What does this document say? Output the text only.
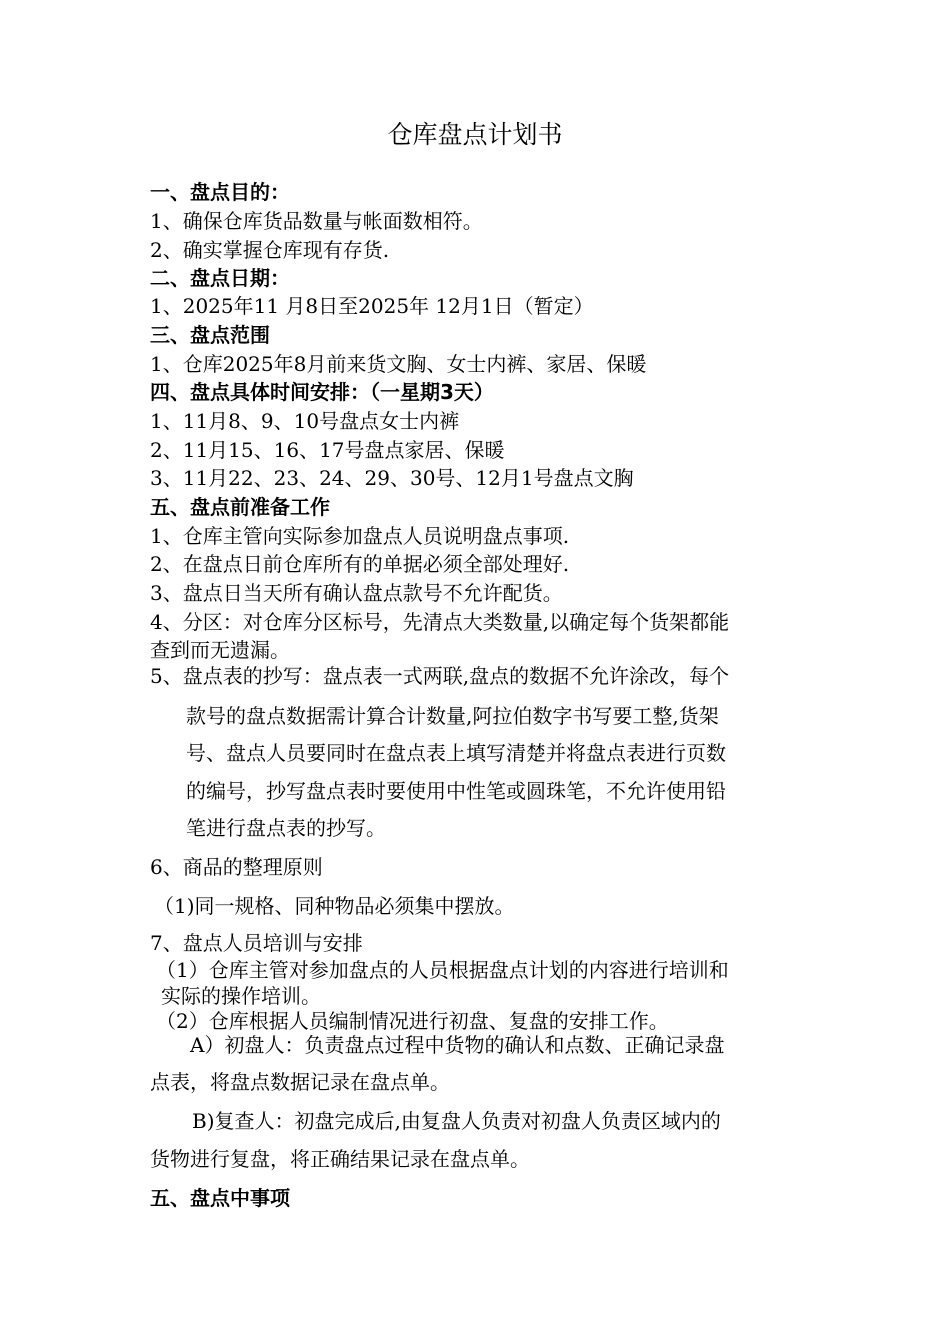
仓库盘点计划书
一、盘点目的：
1、确保仓库货品数量与帐面数相符。
2、确实掌握仓库现有存货.
二、盘点日期：
1、2025年11 月8日至2025年 12月1日（暂定）
三、盘点范围
1、仓库2025年8月前来货文胸、女士内裤、家居、保暖
四、盘点具体时间安排：（一星期3天）
1、11月8、9、10号盘点女士内裤
2、11月15、16、17号盘点家居、保暖
3、11月22、23、24、29、30号、12月1号盘点文胸
五、盘点前准备工作
1、仓库主管向实际参加盘点人员说明盘点事项.
2、在盘点日前仓库所有的单据必须全部处理好.
3、盘点日当天所有确认盘点款号不允许配货。
4、分区：对仓库分区标号，先清点大类数量,以确定每个货架都能
查到而无遗漏。
5、盘点表的抄写：盘点表一式两联,盘点的数据不允许涂改，每个
款号的盘点数据需计算合计数量,阿拉伯数字书写要工整,货架
号、盘点人员要同时在盘点表上填写清楚并将盘点表进行页数
的编号，抄写盘点表时要使用中性笔或圆珠笔，不允许使用铅
笔进行盘点表的抄写。
6、商品的整理原则
（1)同一规格、同种物品必须集中摆放。
7、盘点人员培训与安排
（1）仓库主管对参加盘点的人员根据盘点计划的内容进行培训和
实际的操作培训。
（2）仓库根据人员编制情况进行初盘、复盘的安排工作。
A）初盘人：负责盘点过程中货物的确认和点数、正确记录盘
点表，将盘点数据记录在盘点单。
B)复查人：初盘完成后,由复盘人负责对初盘人负责区域内的
货物进行复盘，将正确结果记录在盘点单。
五、盘点中事项
